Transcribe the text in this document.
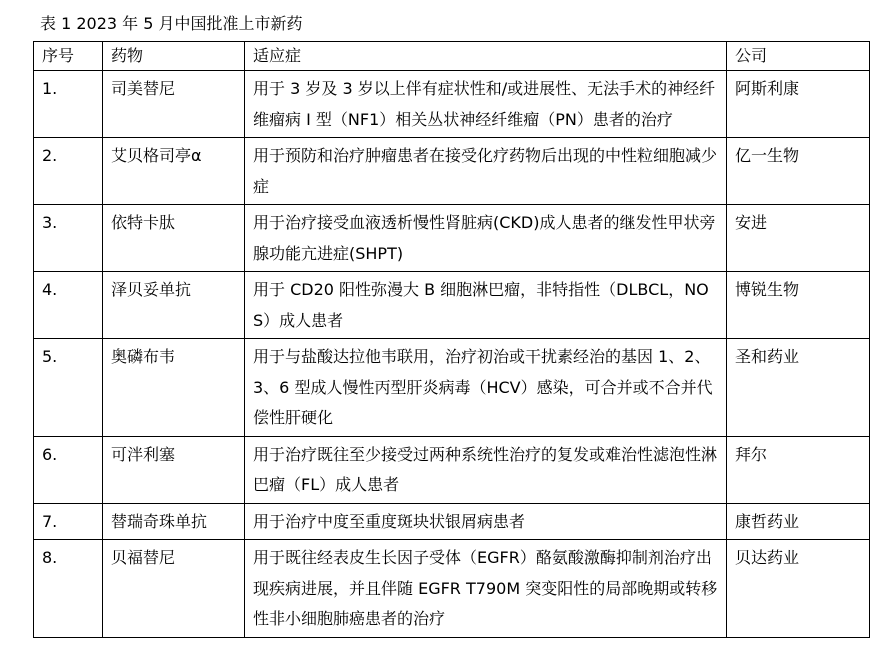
表 1 2023 年 5 月中国批准上市新药
序号	药物	适应症	公司
1.	司美替尼	用于 3 岁及 3 岁以上伴有症状性和/或进展性、无法手术的神经纤维瘤病 I 型（NF1）相关丛状神经纤维瘤（PN）患者的治疗	阿斯利康
2.	艾贝格司亭α	用于预防和治疗肿瘤患者在接受化疗药物后出现的中性粒细胞减少症	亿一生物
3.	依特卡肽	用于治疗接受血液透析慢性肾脏病(CKD)成人患者的继发性甲状旁腺功能亢进症(SHPT)	安进
4.	泽贝妥单抗	用于 CD20 阳性弥漫大 B 细胞淋巴瘤，非特指性（DLBCL，NOS）成人患者	博锐生物
5.	奥磷布韦	用于与盐酸达拉他韦联用，治疗初治或干扰素经治的基因 1、2、3、6 型成人慢性丙型肝炎病毒（HCV）感染，可合并或不合并代偿性肝硬化	圣和药业
6.	可泮利塞	用于治疗既往至少接受过两种系统性治疗的复发或难治性滤泡性淋巴瘤（FL）成人患者	拜尔
7.	替瑞奇珠单抗	用于治疗中度至重度斑块状银屑病患者	康哲药业
8.	贝福替尼	用于既往经表皮生长因子受体（EGFR）酪氨酸激酶抑制剂治疗出现疾病进展，并且伴随 EGFR T790M 突变阳性的局部晚期或转移性非小细胞肺癌患者的治疗	贝达药业
